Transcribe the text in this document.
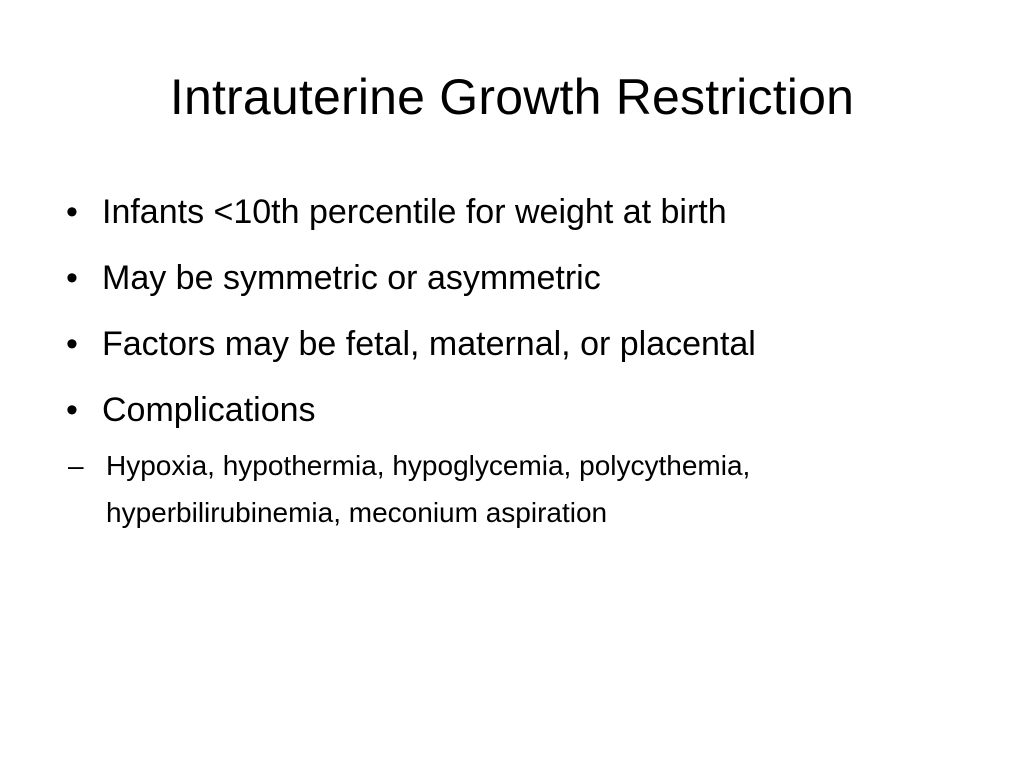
Intrauterine Growth Restriction
• Infants <10th percentile for weight at birth
• May be symmetric or asymmetric
• Factors may be fetal, maternal, or placental
• Complications
– Hypoxia, hypothermia, hypoglycemia, polycythemia, hyperbilirubinemia, meconium aspiration
